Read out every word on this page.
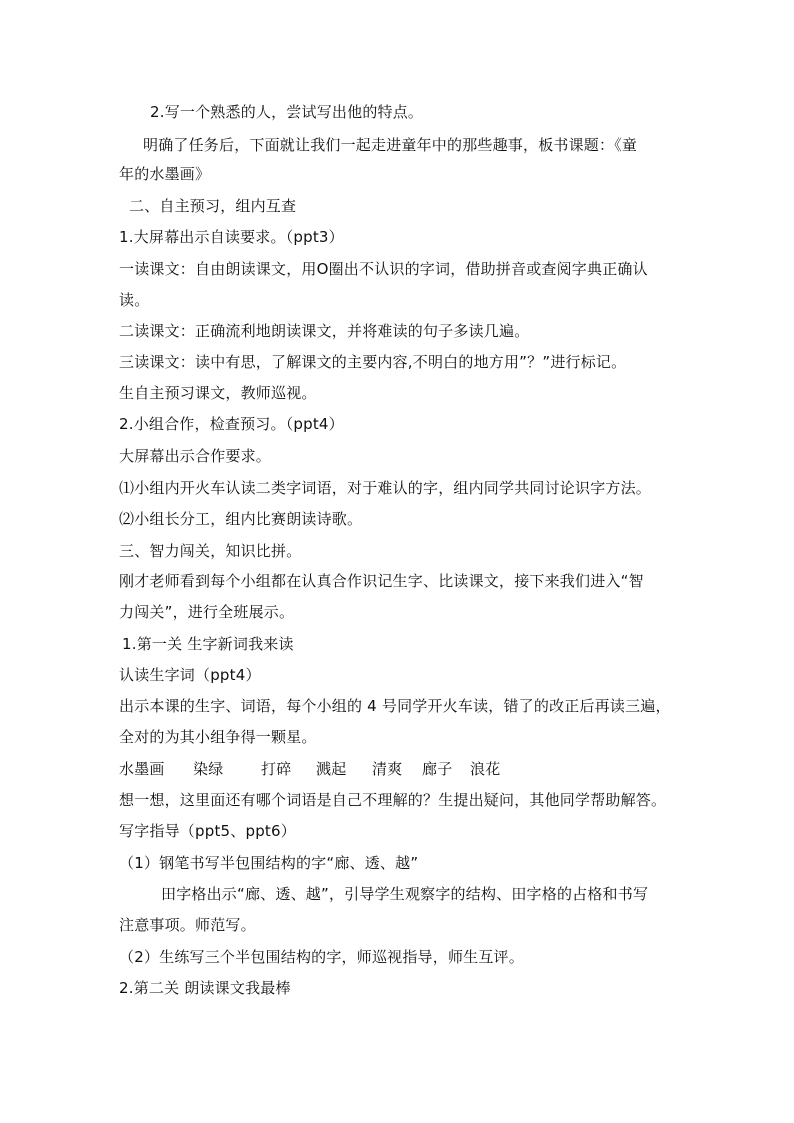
2.写一个熟悉的人，尝试写出他的特点。
明确了任务后，下面就让我们一起走进童年中的那些趣事，板书课题：《童
年的水墨画》
二、自主预习，组内互查
1.大屏幕出示自读要求。（ppt3）
一读课文：自由朗读课文，用O圈出不认识的字词，借助拼音或查阅字典正确认
读。
二读课文：正确流利地朗读课文，并将难读的句子多读几遍。
三读课文：读中有思，了解课文的主要内容,不明白的地方用”？”进行标记。
生自主预习课文，教师巡视。
2.小组合作，检查预习。（ppt4）
大屏幕出示合作要求。
⑴小组内开火车认读二类字词语，对于难认的字，组内同学共同讨论识字方法。
⑵小组长分工，组内比赛朗读诗歌。
三、智力闯关，知识比拼。
刚才老师看到每个小组都在认真合作识记生字、比读课文，接下来我们进入“智
力闯关”，进行全班展示。
1.第一关 生字新词我来读
认读生字词（ppt4）
出示本课的生字、词语，每个小组的 4 号同学开火车读，错了的改正后再读三遍，
全对的为其小组争得一颗星。
水墨画 染绿	打碎 溅起 清爽 廊子 浪花
想一想，这里面还有哪个词语是自己不理解的？生提出疑问，其他同学帮助解答。
写字指导（ppt5、ppt6）
（1）钢笔书写半包围结构的字“廊、透、越”
田字格出示“廊、透、越”，引导学生观察字的结构、田字格的占格和书写
注意事项。师范写。
（2）生练写三个半包围结构的字，师巡视指导，师生互评。
2.第二关 朗读课文我最棒
